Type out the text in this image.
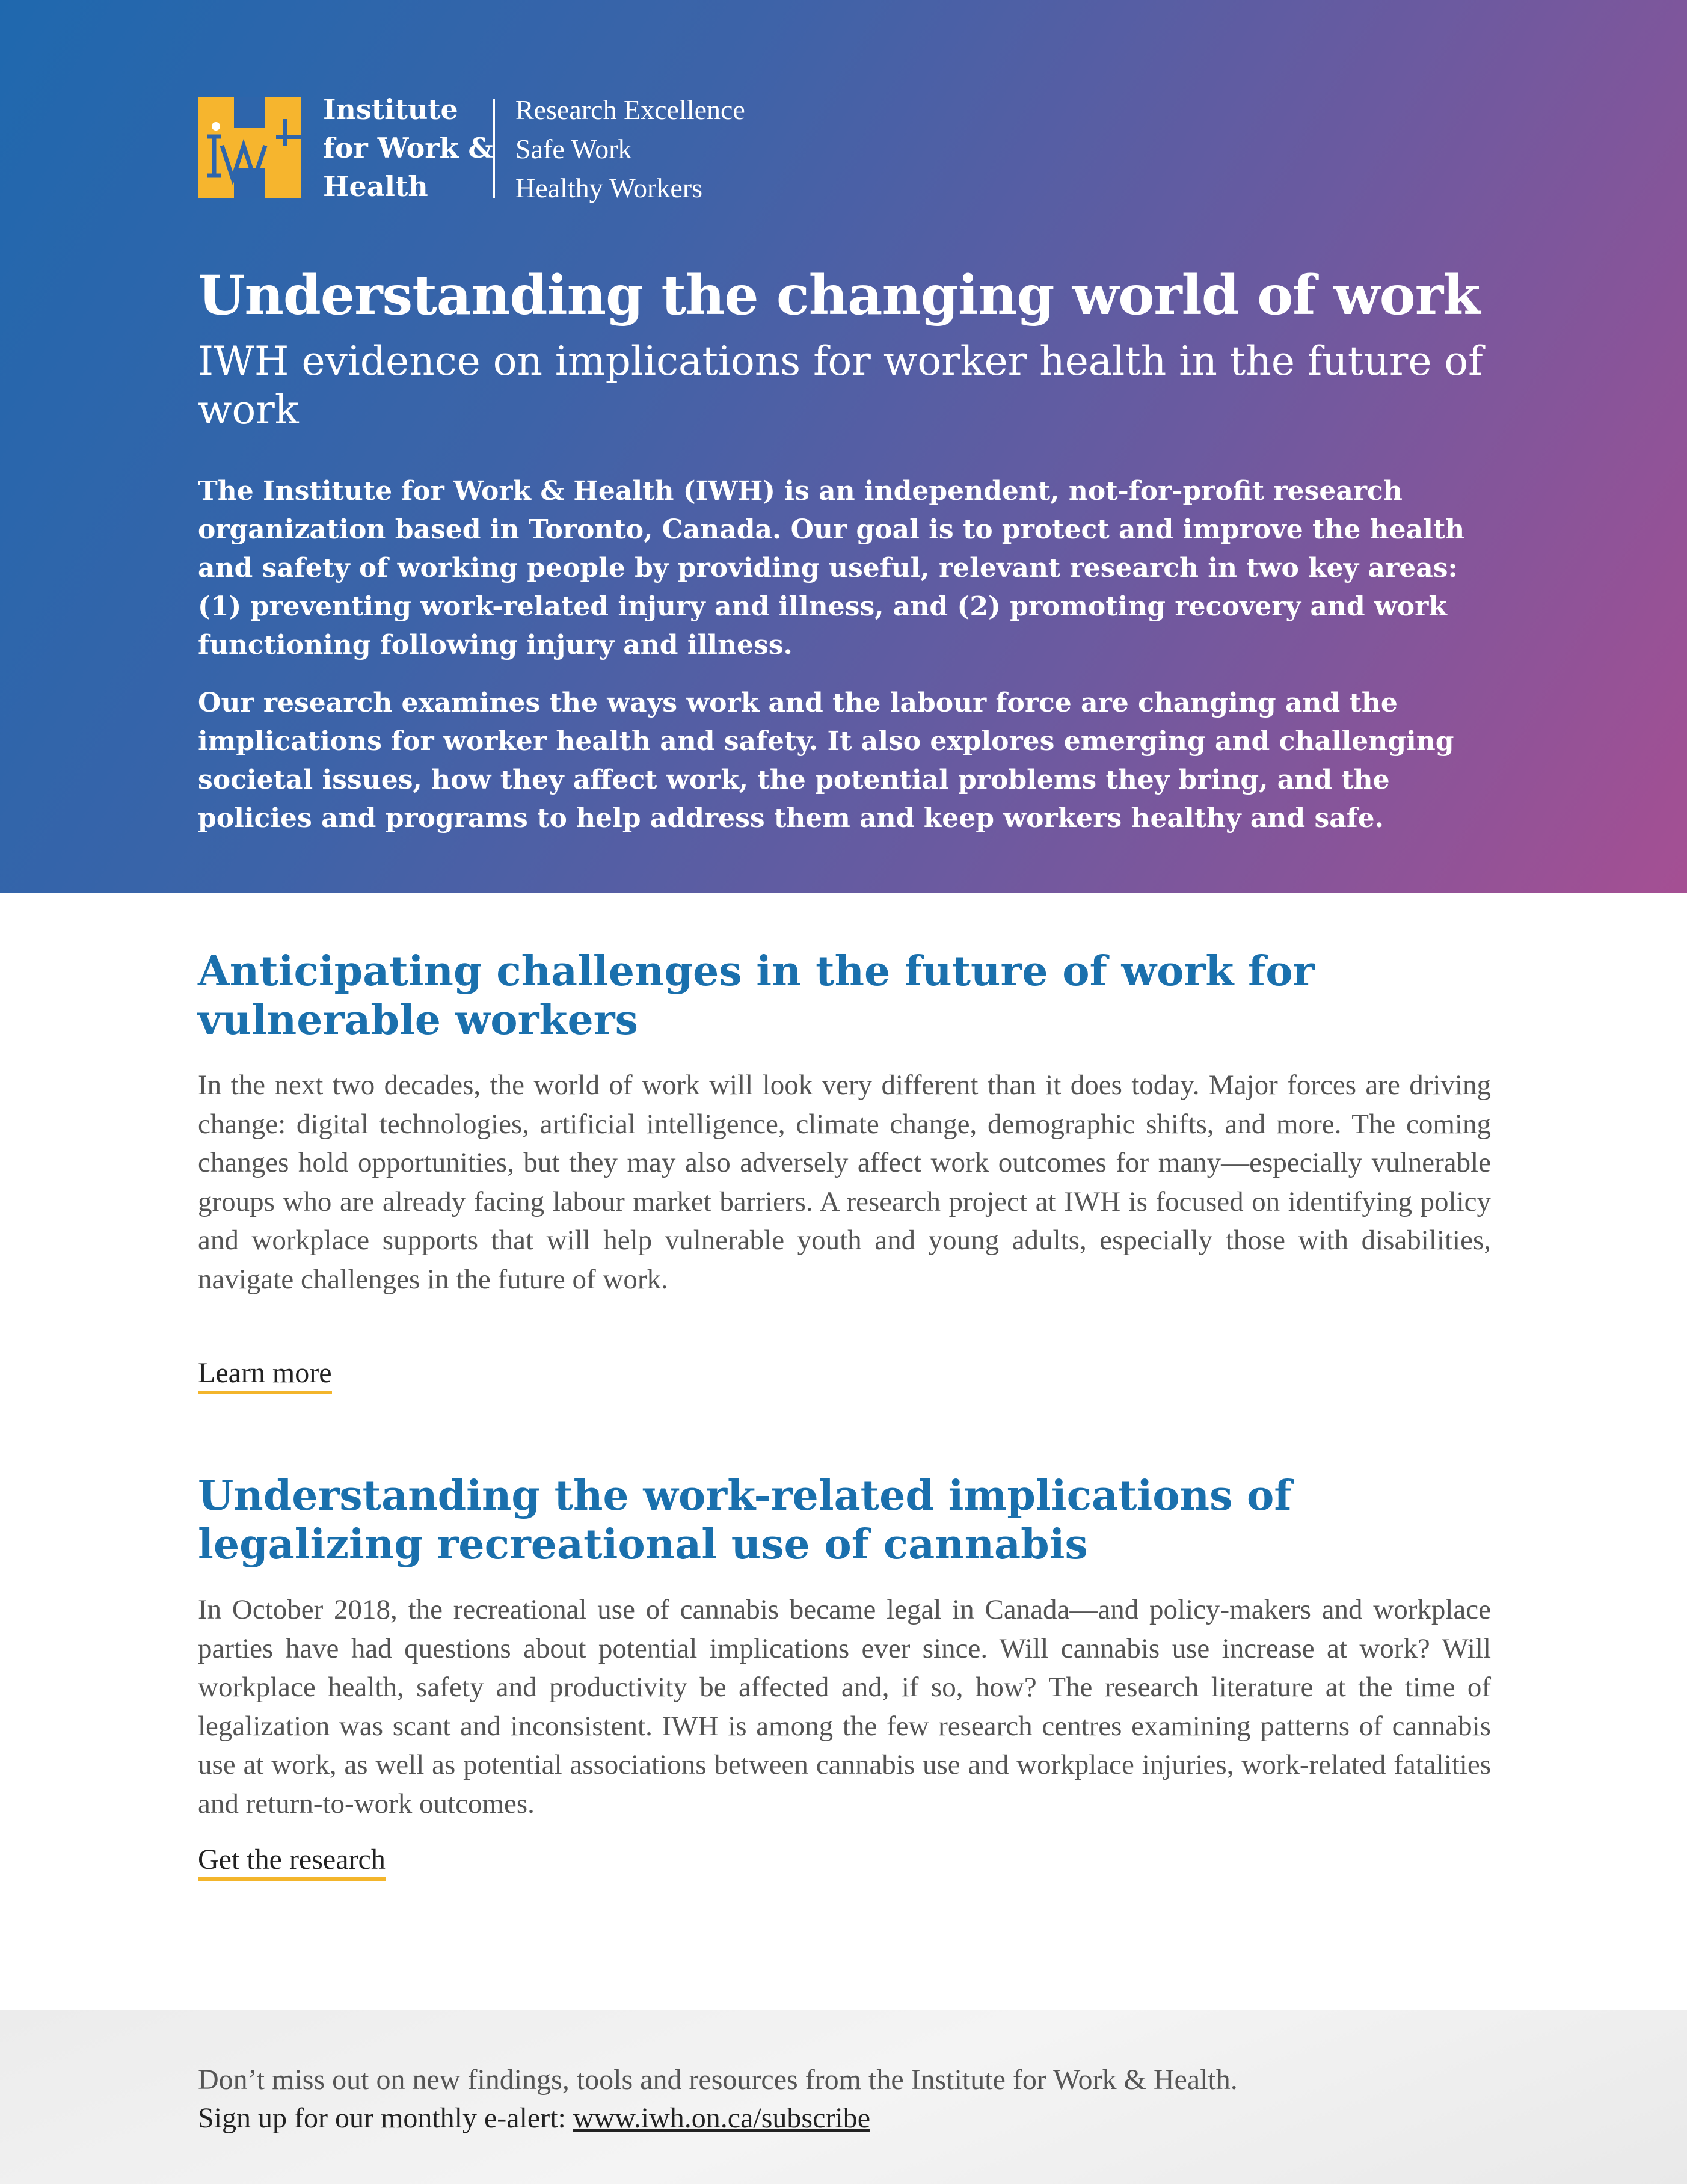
Institute
for Work &
Health
Research Excellence
Safe Work
Healthy Workers
Understanding the changing world of work
IWH evidence on implications for worker health in the future of work

The Institute for Work & Health (IWH) is an independent, not-for-profit research organization based in Toronto, Canada. Our goal is to protect and improve the health and safety of working people by providing useful, relevant research in two key areas: (1) preventing work-related injury and illness, and (2) promoting recovery and work functioning following injury and illness.

Our research examines the ways work and the labour force are changing and the implications for worker health and safety. It also explores emerging and challenging societal issues, how they affect work, the potential problems they bring, and the policies and programs to help address them and keep workers healthy and safe.

Anticipating challenges in the future of work for vulnerable workers

In the next two decades, the world of work will look very different than it does today. Major forces are driving change: digital technologies, artificial intelligence, climate change, demographic shifts, and more. The coming changes hold opportunities, but they may also adversely affect work outcomes for many—especially vulnerable groups who are already facing labour market barriers. A research project at IWH is focused on identifying policy and workplace supports that will help vulnerable youth and young adults, especially those with disabilities, navigate challenges in the future of work.

Learn more
Understanding the work-related implications of legalizing recreational use of cannabis

In October 2018, the recreational use of cannabis became legal in Canada—and policy-makers and workplace parties have had questions about potential implications ever since. Will cannabis use increase at work? Will workplace health, safety and productivity be affected and, if so, how? The research literature at the time of legalization was scant and inconsistent. IWH is among the few research centres examining patterns of cannabis use at work, as well as potential associations between cannabis use and workplace injuries, work-related fatalities and return-to-work outcomes.

Get the research
Don’t miss out on new findings, tools and resources from the Institute for Work & Health.
Sign up for our monthly e-alert: www.iwh.on.ca/subscribe
